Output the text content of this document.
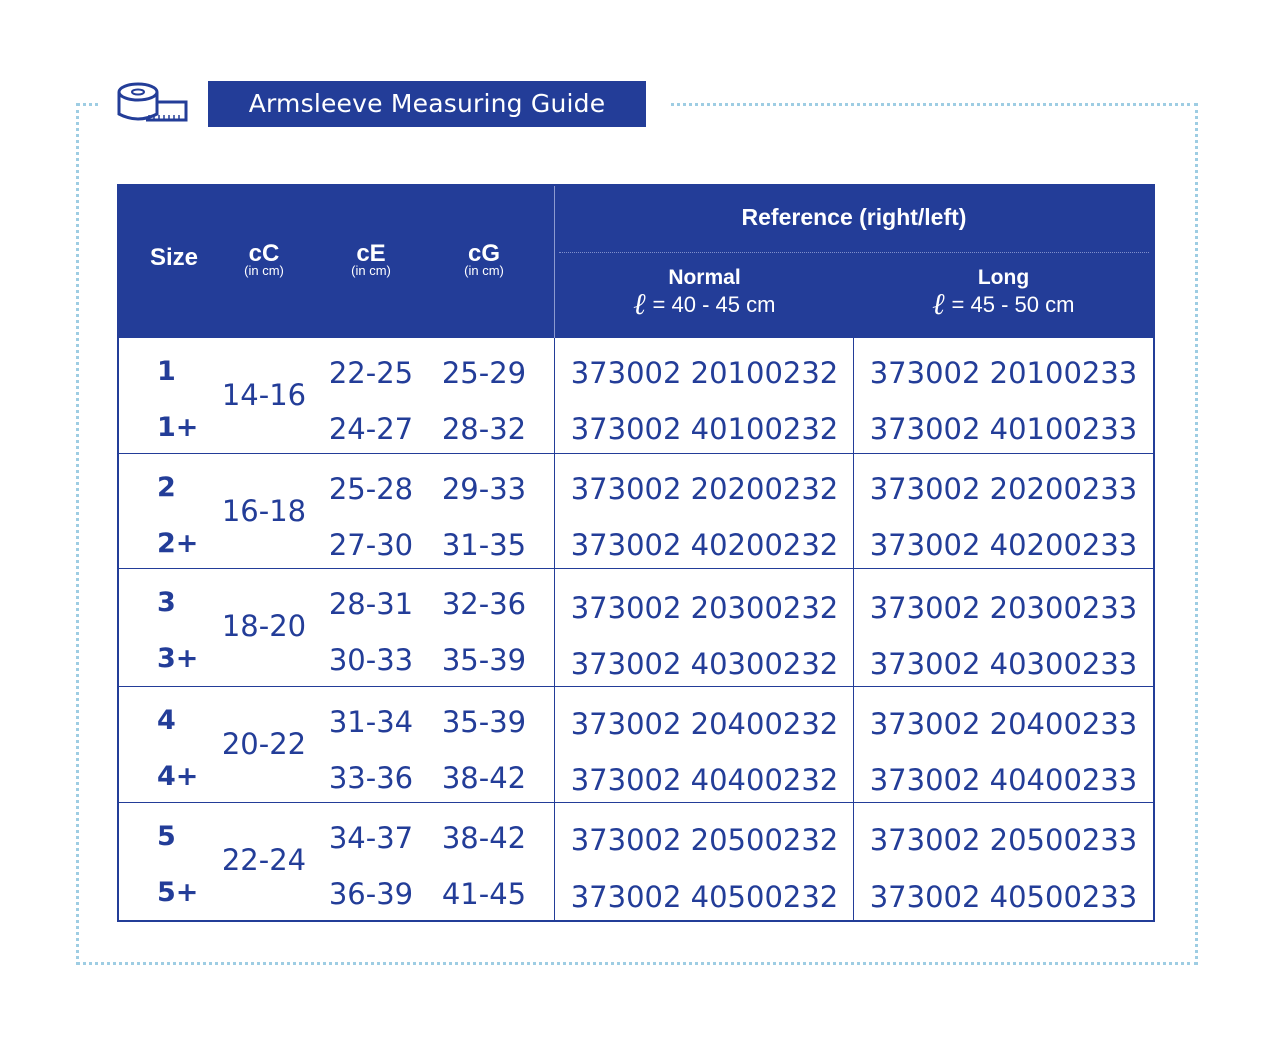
Armsleeve Measuring Guide
Size	cC
(in cm)
cE
(in cm)
cG
(in cm)
Reference (right/left)
Normal
ℓ = 40 - 45 cm
Long
ℓ = 45 - 50 cm
1
1+
14-16
22-25
24-27
25-29
28-32
373002 20100232
373002 40100232
373002 20100233
373002 40100233
2
2+
16-18
25-28
27-30
29-33
31-35
373002 20200232
373002 40200232
373002 20200233
373002 40200233
3
3+
18-20
28-31
30-33
32-36
35-39
373002 20300232
373002 40300232
373002 20300233
373002 40300233
4
4+
20-22
31-34
33-36
35-39
38-42
373002 20400232
373002 40400232
373002 20400233
373002 40400233
5
5+
22-24
34-37
36-39
38-42
41-45
373002 20500232
373002 40500232
373002 20500233
373002 40500233
